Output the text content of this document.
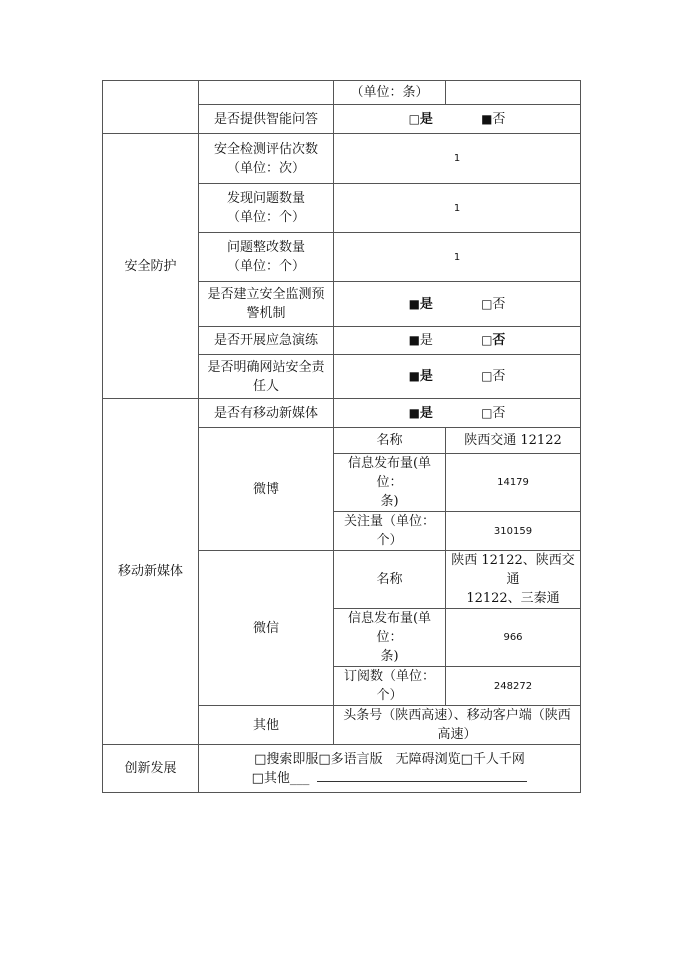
		（单位：条）	
	是否提供智能问答	□是 ■否	
安全防护	安全检测评估次数
（单位：次）	1	

	发现问题数量
（单位：个）	1	

	问题整改数量
（单位：个）	1	

	是否建立安全监测预
警机制	■是 □否	
	是否开展应急演练	■是 □否	

	是否明确网站安全责
任人	■是 □否	
移动新媒体	是否有移动新媒体	■是 □否	
	微博	名称	陕西交通 12122

		信息发布量(单位：
条)	14179
		关注量（单位：个）	310159
	微信	名称	陕西 12122、陕西交通
12122、三秦通

		信息发布量(单位：
条)	966
		订阅数（单位：个）	248272
	其他	头条号（陕西高速）、移动客户端（陕西
高速）	

创新发展	□搜索即服□多语言版　无障碍浏览□千人千网
□其他___		
